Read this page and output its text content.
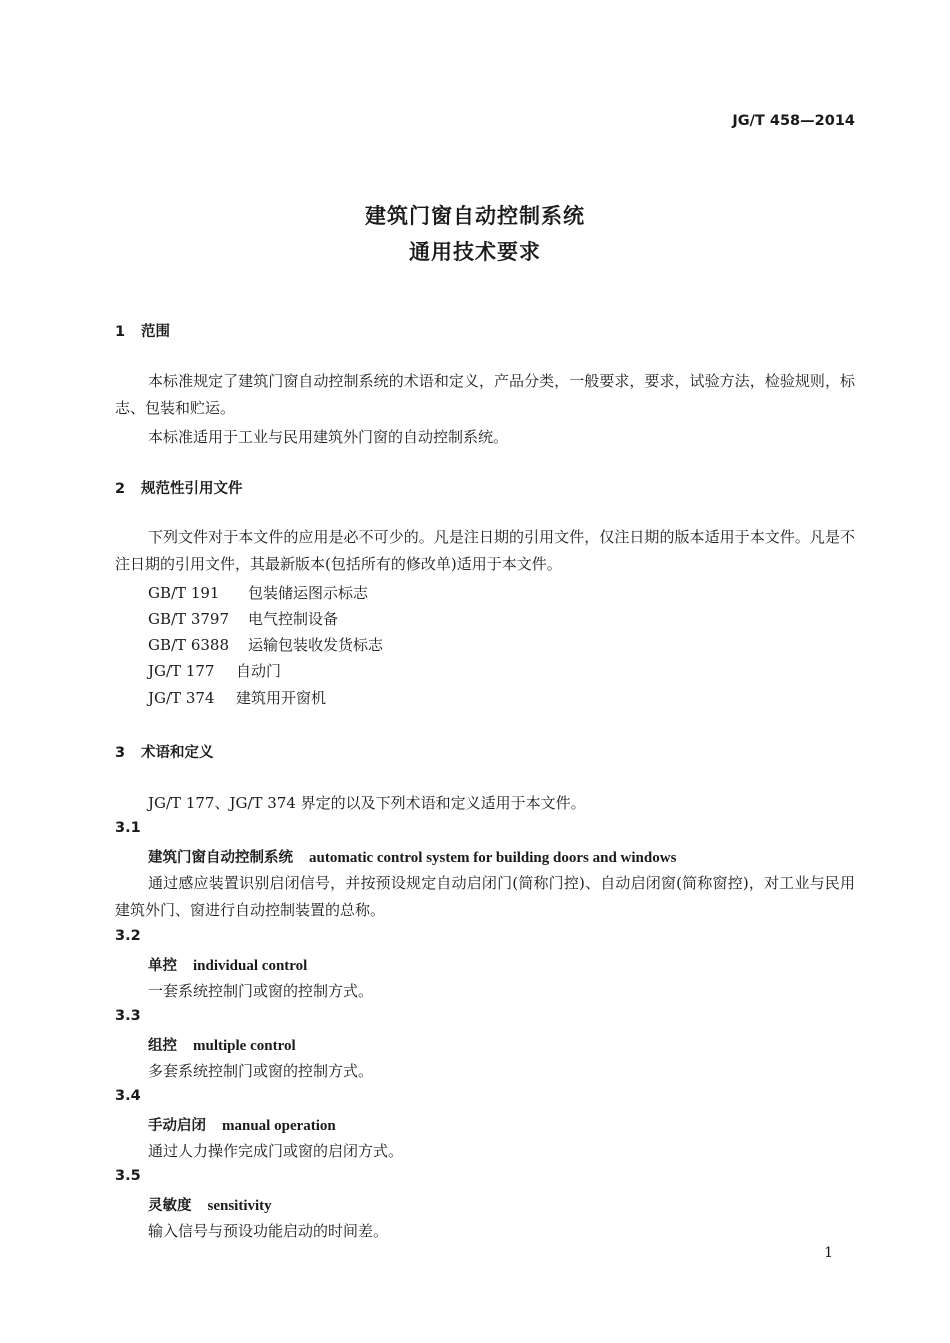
JG/T 458—2014
建筑门窗自动控制系统
通用技术要求
1 范围
本标准规定了建筑门窗自动控制系统的术语和定义，产品分类，一般要求，要求，试验方法，检验规则，标志、包装和贮运。
本标准适用于工业与民用建筑外门窗的自动控制系统。
2 规范性引用文件
下列文件对于本文件的应用是必不可少的。凡是注日期的引用文件，仅注日期的版本适用于本文件。凡是不注日期的引用文件，其最新版本(包括所有的修改单)适用于本文件。
GB/T 191 包装储运图示标志
GB/T 3797 电气控制设备
GB/T 6388 运输包装收发货标志
JG/T 177 自动门
JG/T 374 建筑用开窗机
3 术语和定义
JG/T 177、JG/T 374 界定的以及下列术语和定义适用于本文件。
3.1
建筑门窗自动控制系统 automatic control system for building doors and windows
通过感应装置识别启闭信号，并按预设规定自动启闭门(简称门控)、自动启闭窗(简称窗控)，对工业与民用建筑外门、窗进行自动控制装置的总称。
3.2
单控 individual control
一套系统控制门或窗的控制方式。
3.3
组控 multiple control
多套系统控制门或窗的控制方式。
3.4
手动启闭 manual operation
通过人力操作完成门或窗的启闭方式。
3.5
灵敏度 sensitivity
输入信号与预设功能启动的时间差。
1
